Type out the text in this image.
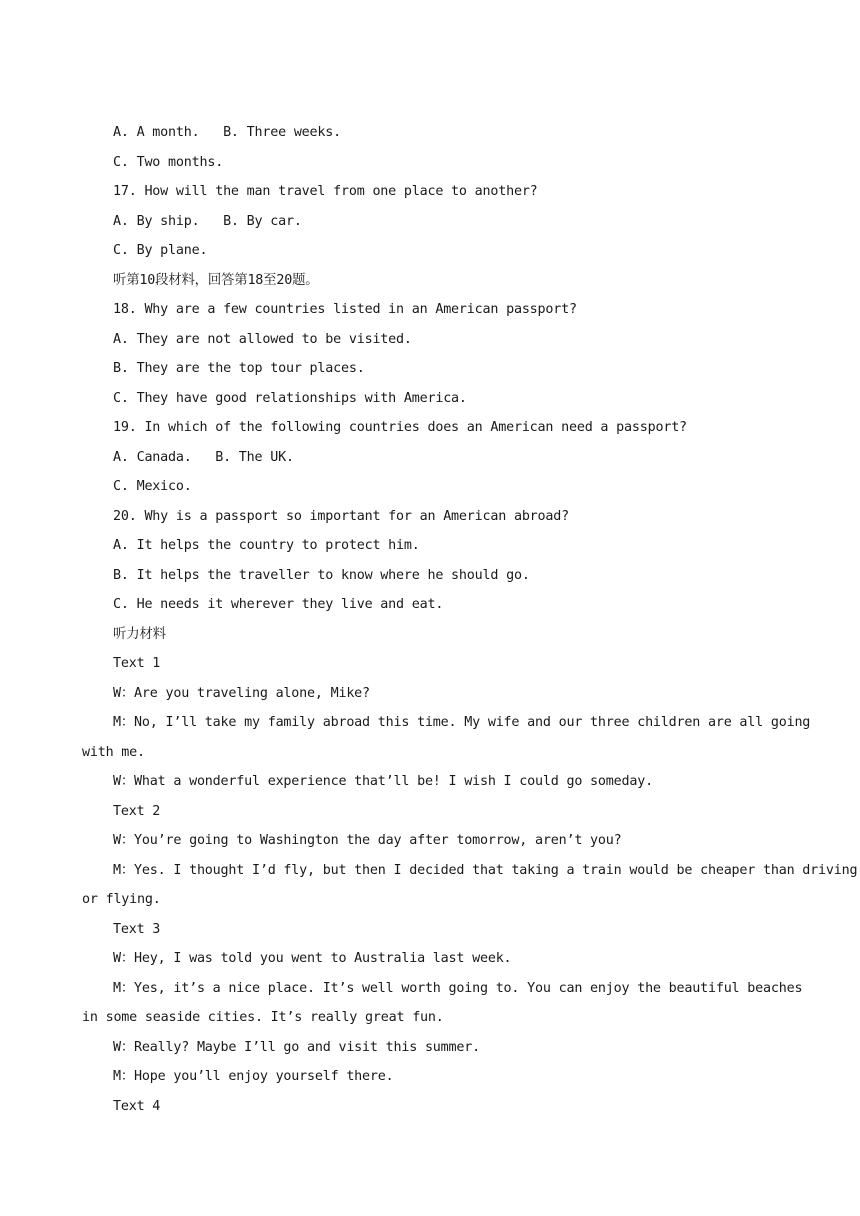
A. A month.   B. Three weeks.
C. Two months.
17. How will the man travel from one place to another?
A. By ship.   B. By car.
C. By plane.
听第10段材料，回答第18至20题。
18. Why are a few countries listed in an American passport?
A. They are not allowed to be visited.
B. They are the top tour places.
C. They have good relationships with America.
19. In which of the following countries does an American need a passport?
A. Canada.   B. The UK.
C. Mexico.
20. Why is a passport so important for an American abroad?
A. It helps the country to protect him.
B. It helps the traveller to know where he should go.
C. He needs it wherever they live and eat.
听力材料
Text 1
W：Are you traveling alone, Mike?
M：No, I’ll take my family abroad this time. My wife and our three children are all going
with me.
W：What a wonderful experience that’ll be! I wish I could go someday.
Text 2
W：You’re going to Washington the day after tomorrow, aren’t you?
M：Yes. I thought I’d fly, but then I decided that taking a train would be cheaper than driving
or flying.
Text 3
W：Hey, I was told you went to Australia last week.
M：Yes, it’s a nice place. It’s well worth going to. You can enjoy the beautiful beaches
in some seaside cities. It’s really great fun.
W：Really? Maybe I’ll go and visit this summer.
M：Hope you’ll enjoy yourself there.
Text 4
